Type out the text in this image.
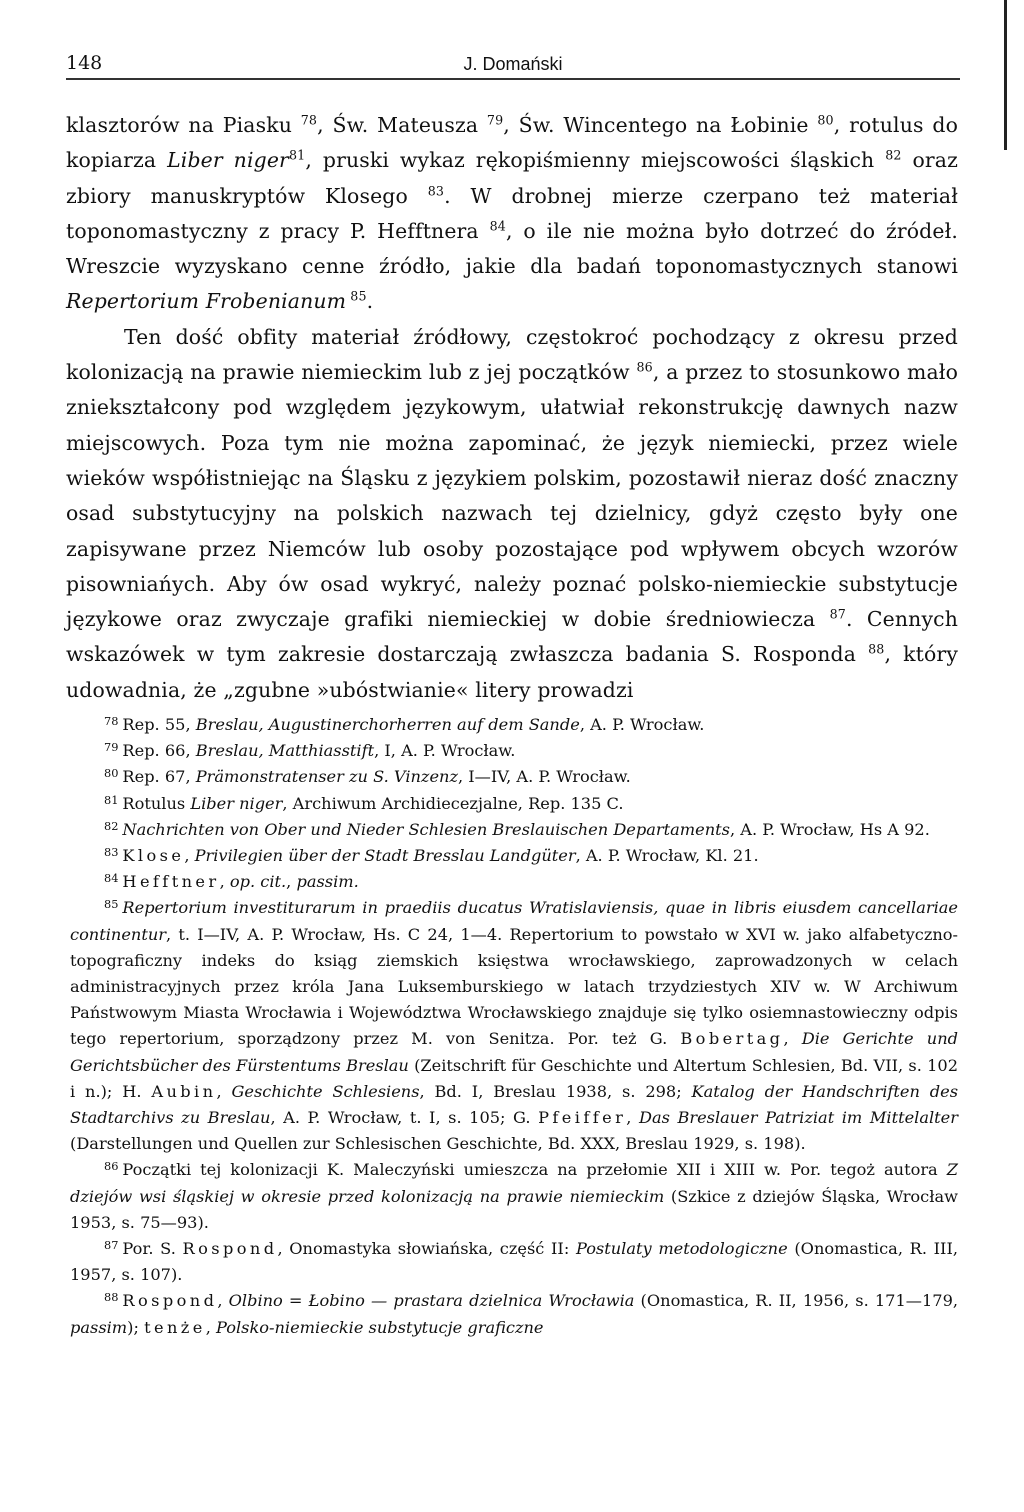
148	J. Domański

klasztorów na Piasku $^{78}$, Św. Mateusza $^{79}$, Św. Wincentego na Łobinie $^{80}$, rotulus do kopiarza Liber niger$^{81}$, pruski wykaz rękopiśmienny miejscowości śląskich $^{82}$ oraz zbiory manuskryptów Klosego $^{83}$. W drobnej mierze czerpano też materiał toponomastyczny z pracy P. Hefftnera $^{84}$, o ile nie można było dotrzeć do źródeł. Wreszcie wyzyskano cenne źródło, jakie dla badań toponomastycznych stanowi Repertorium Frobenianum $^{85}$.

Ten dość obfity materiał źródłowy, częstokroć pochodzący z okresu przed kolonizacją na prawie niemieckim lub z jej początków $^{86}$, a przez to stosunkowo mało zniekształcony pod względem językowym, ułatwiał rekonstrukcję dawnych nazw miejscowych. Poza tym nie można zapominać, że język niemiecki, przez wiele wieków współistniejąc na Śląsku z językiem polskim, pozostawił nieraz dość znaczny osad substytucyjny na polskich nazwach tej dzielnicy, gdyż często były one zapisywane przez Niemców lub osoby pozostające pod wpływem obcych wzorów pisowniańych. Aby ów osad wykryć, należy poznać polsko-niemieckie substytucje językowe oraz zwyczaje grafiki niemieckiej w dobie średniowiecza $^{87}$. Cennych wskazówek w tym zakresie dostarczają zwłaszcza badania S. Rosponda $^{88}$, który udowadnia, że „zgubne »ubóstwianie« litery prowadzi

$^{78}$ Rep. 55, Breslau, Augustinerchorherren auf dem Sande, A. P. Wrocław.

$^{79}$ Rep. 66, Breslau, Matthiasstift, I, A. P. Wrocław.

$^{80}$ Rep. 67, Prämonstratenser zu S. Vinzenz, I—IV, A. P. Wrocław.

$^{81}$ Rotulus Liber niger, Archiwum Archidiecezjalne, Rep. 135 C.

$^{82}$ Nachrichten von Ober und Nieder Schlesien Breslauischen Departaments, A. P. Wrocław, Hs A 92.

$^{83}$ Klose, Privilegien über der Stadt Bresslau Landgüter, A. P. Wrocław, Kl. 21.

$^{84}$ Hefftner, op. cit., passim.

$^{85}$ Repertorium investiturarum in praediis ducatus Wratislaviensis, quae in libris eiusdem cancellariae continentur, t. I—IV, A. P. Wrocław, Hs. C 24, 1—4. Repertorium to powstało w XVI w. jako alfabetyczno-topograficzny indeks do ksiąg ziemskich księstwa wrocławskiego, zaprowadzonych w celach administracyjnych przez króla Jana Luksemburskiego w latach trzydziestych XIV w. W Archiwum Państwowym Miasta Wrocławia i Województwa Wrocławskiego znajduje się tylko osiemnastowieczny odpis tego repertorium, sporządzony przez M. von Senitza. Por. też G. Bobertag, Die Gerichte und Gerichtsbücher des Fürstentums Breslau (Zeitschrift für Geschichte und Altertum Schlesien, Bd. VII, s. 102 i n.); H. Aubin, Geschichte Schlesiens, Bd. I, Breslau 1938, s. 298; Katalog der Handschriften des Stadtarchivs zu Breslau, A. P. Wrocław, t. I, s. 105; G. Pfeiffer, Das Breslauer Patriziat im Mittelalter (Darstellungen und Quellen zur Schlesischen Geschichte, Bd. XXX, Breslau 1929, s. 198).

$^{86}$ Początki tej kolonizacji K. Maleczyński umieszcza na przełomie XII i XIII w. Por. tegoż autora Z dziejów wsi śląskiej w okresie przed kolonizacją na prawie niemieckim (Szkice z dziejów Śląska, Wrocław 1953, s. 75—93).

$^{87}$ Por. S. Rospond, Onomastyka słowiańska, część II: Postulaty metodologiczne (Onomastica, R. III, 1957, s. 107).

$^{88}$ Rospond, Olbino = Łobino — prastara dzielnica Wrocławia (Onomastica, R. II, 1956, s. 171—179, passim); tenże, Polsko-niemieckie substytucje graficzne
